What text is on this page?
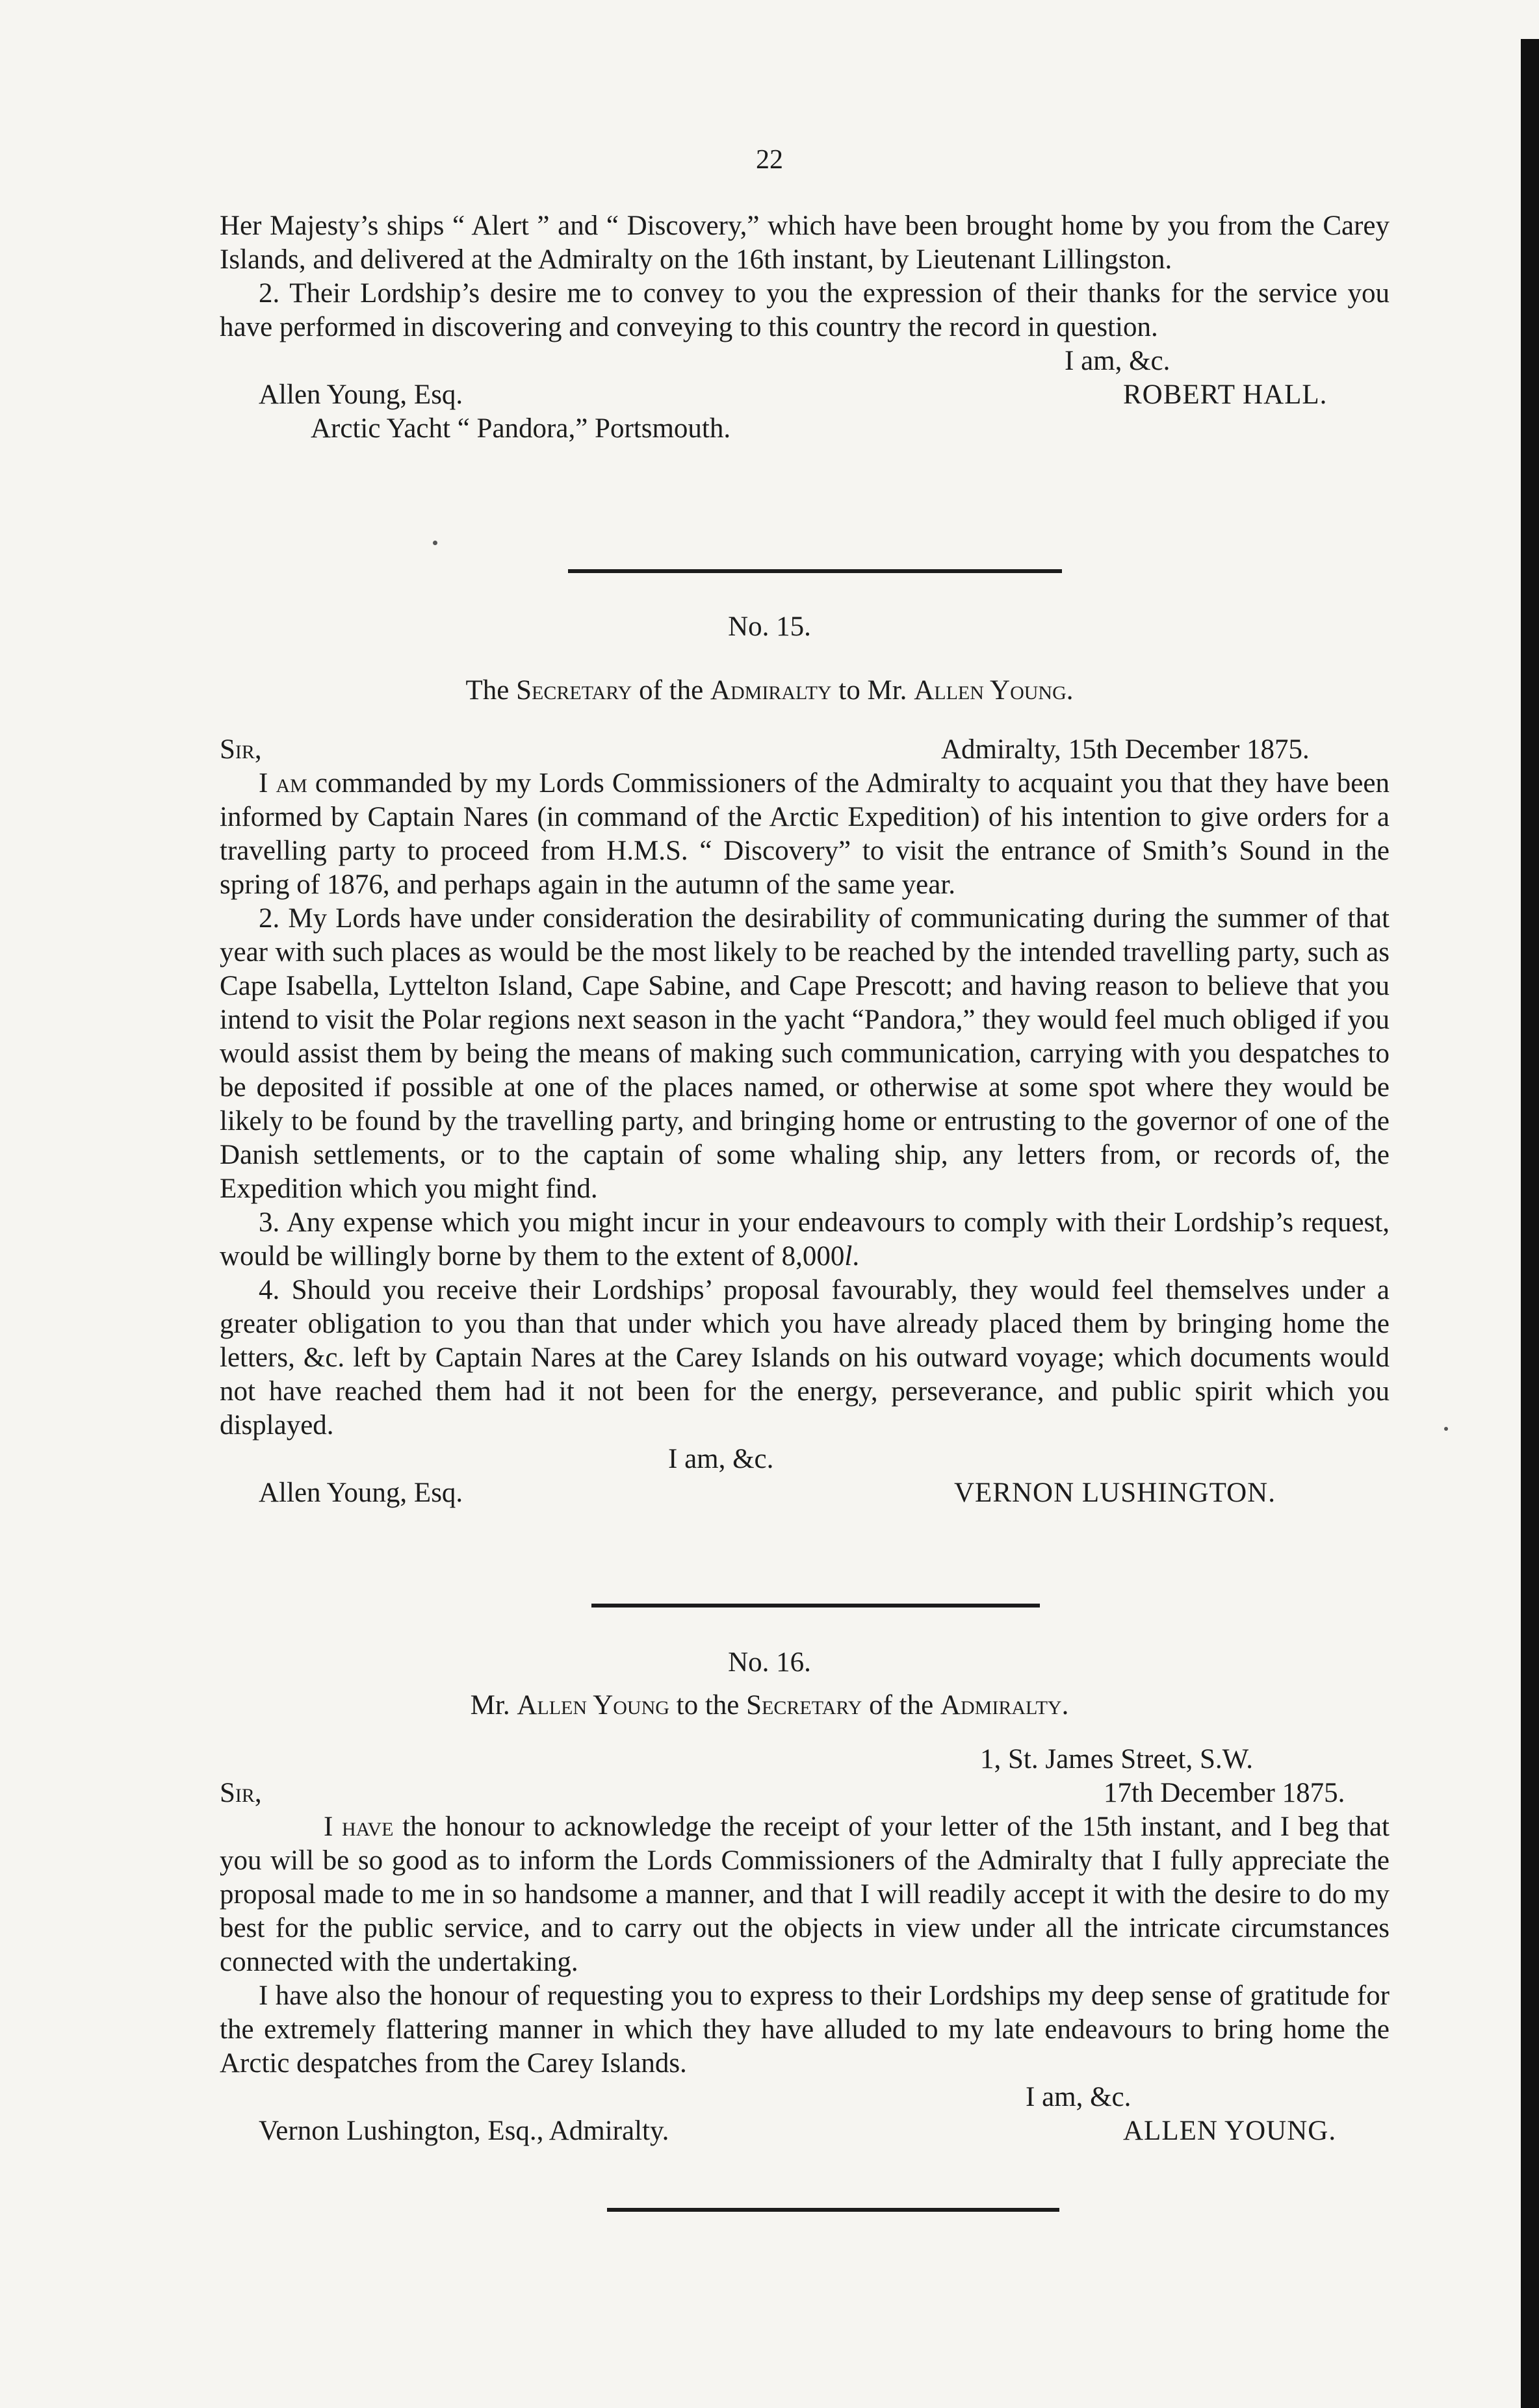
22

Her Majesty’s ships “ Alert ” and “ Discovery,” which have been brought home by you from the Carey Islands, and delivered at the Admiralty on the 16th instant, by Lieutenant Lillingston.

2. Their Lordship’s desire me to convey to you the expression of their thanks for the service you have performed in discovering and conveying to this country the record in question.

I am, &c.
Allen Young, Esq.	ROBERT HALL.
Arctic Yacht “ Pandora,” Portsmouth.
No. 15.
The Secretary of the Admiralty to Mr. Allen Young.
Sir,	Admiralty, 15th December 1875.

I am commanded by my Lords Commissioners of the Admiralty to acquaint you that they have been informed by Captain Nares (in command of the Arctic Expedition) of his intention to give orders for a travelling party to proceed from H.M.S. “ Discovery” to visit the entrance of Smith’s Sound in the spring of 1876, and perhaps again in the autumn of the same year.

2. My Lords have under consideration the desirability of communicating during the summer of that year with such places as would be the most likely to be reached by the intended travelling party, such as Cape Isabella, Lyttelton Island, Cape Sabine, and Cape Prescott; and having reason to believe that you intend to visit the Polar regions next season in the yacht “Pandora,” they would feel much obliged if you would assist them by being the means of making such communication, carrying with you despatches to be deposited if possible at one of the places named, or otherwise at some spot where they would be likely to be found by the travelling party, and bringing home or entrusting to the governor of one of the Danish settlements, or to the captain of some whaling ship, any letters from, or records of, the Expedition which you might find.

3. Any expense which you might incur in your endeavours to comply with their Lordship’s request, would be willingly borne by them to the extent of 8,000l.

4. Should you receive their Lordships’ proposal favourably, they would feel themselves under a greater obligation to you than that under which you have already placed them by bringing home the letters, &c. left by Captain Nares at the Carey Islands on his outward voyage; which documents would not have reached them had it not been for the energy, perseverance, and public spirit which you displayed.

I am, &c.
Allen Young, Esq.	VERNON LUSHINGTON.
No. 16.
Mr. Allen Young to the Secretary of the Admiralty.
1, St. James Street, S.W.
Sir,	17th December 1875.

I have the honour to acknowledge the receipt of your letter of the 15th instant, and I beg that you will be so good as to inform the Lords Commissioners of the Admiralty that I fully appreciate the proposal made to me in so handsome a manner, and that I will readily accept it with the desire to do my best for the public service, and to carry out the objects in view under all the intricate circumstances connected with the undertaking.

I have also the honour of requesting you to express to their Lordships my deep sense of gratitude for the extremely flattering manner in which they have alluded to my late endeavours to bring home the Arctic despatches from the Carey Islands.

I am, &c.
Vernon Lushington, Esq., Admiralty.	ALLEN YOUNG.
